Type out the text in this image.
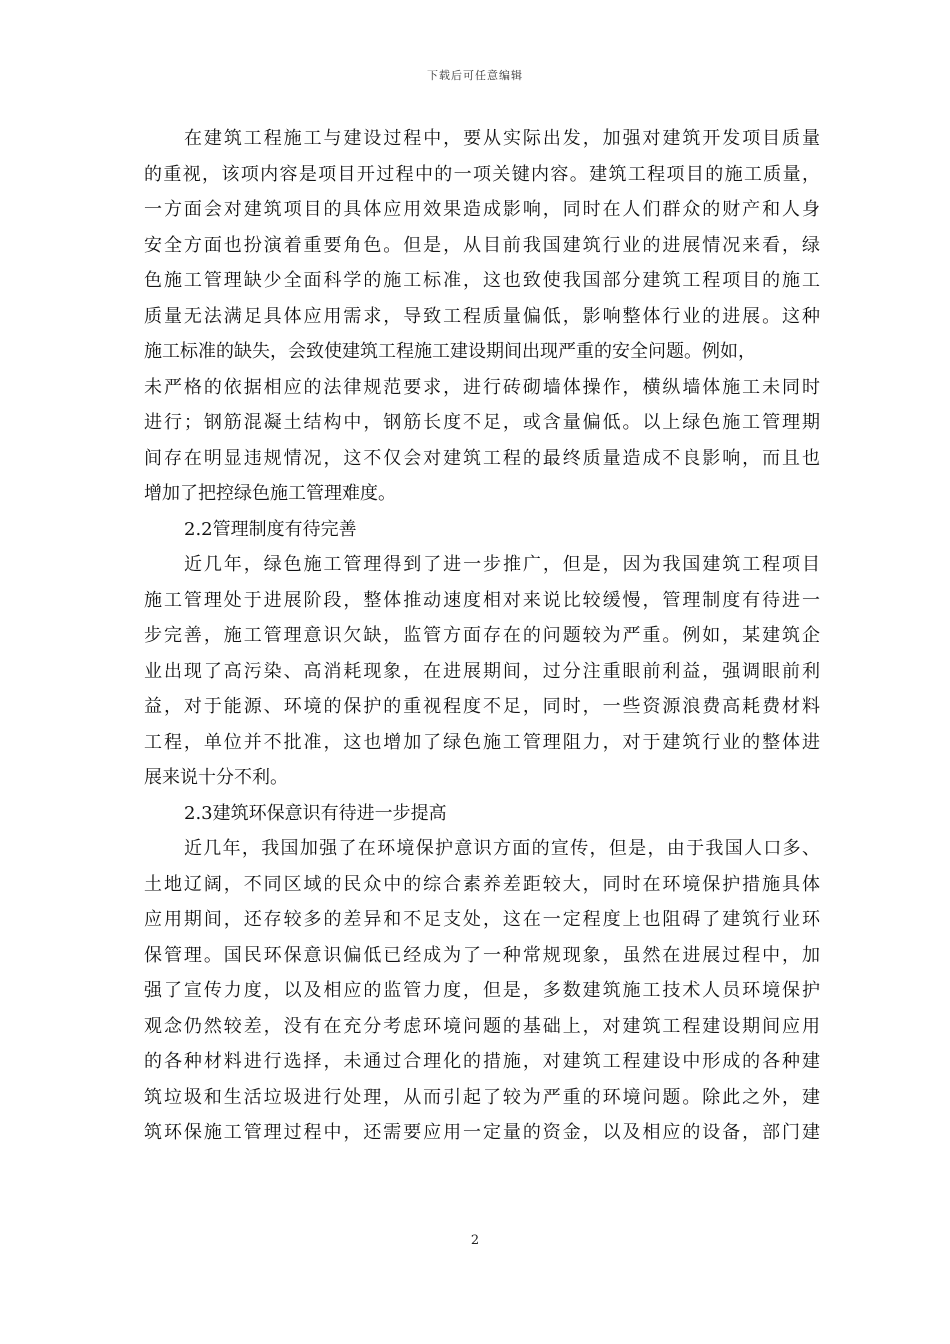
下载后可任意编辑
在建筑工程施工与建设过程中，要从实际出发，加强对建筑开发项目质量
的重视，该项内容是项目开过程中的一项关键内容。建筑工程项目的施工质量，
一方面会对建筑项目的具体应用效果造成影响，同时在人们群众的财产和人身
安全方面也扮演着重要角色。但是，从目前我国建筑行业的进展情况来看，绿
色施工管理缺少全面科学的施工标准，这也致使我国部分建筑工程项目的施工
质量无法满足具体应用需求，导致工程质量偏低，影响整体行业的进展。这种
施工标准的缺失，会致使建筑工程施工建设期间出现严重的安全问题。例如，
未严格的依据相应的法律规范要求，进行砖砌墙体操作，横纵墙体施工未同时
进行；钢筋混凝土结构中，钢筋长度不足，或含量偏低。以上绿色施工管理期
间存在明显违规情况，这不仅会对建筑工程的最终质量造成不良影响，而且也
增加了把控绿色施工管理难度。
2.2管理制度有待完善
近几年，绿色施工管理得到了进一步推广，但是，因为我国建筑工程项目
施工管理处于进展阶段，整体推动速度相对来说比较缓慢，管理制度有待进一
步完善，施工管理意识欠缺，监管方面存在的问题较为严重。例如，某建筑企
业出现了高污染、高消耗现象，在进展期间，过分注重眼前利益，强调眼前利
益，对于能源、环境的保护的重视程度不足，同时，一些资源浪费高耗费材料
工程，单位并不批准，这也增加了绿色施工管理阻力，对于建筑行业的整体进
展来说十分不利。
2.3建筑环保意识有待进一步提高
近几年，我国加强了在环境保护意识方面的宣传，但是，由于我国人口多、
土地辽阔，不同区域的民众中的综合素养差距较大，同时在环境保护措施具体
应用期间，还存较多的差异和不足支处，这在一定程度上也阻碍了建筑行业环
保管理。国民环保意识偏低已经成为了一种常规现象，虽然在进展过程中，加
强了宣传力度，以及相应的监管力度，但是，多数建筑施工技术人员环境保护
观念仍然较差，没有在充分考虑环境问题的基础上，对建筑工程建设期间应用
的各种材料进行选择，未通过合理化的措施，对建筑工程建设中形成的各种建
筑垃圾和生活垃圾进行处理，从而引起了较为严重的环境问题。除此之外，建
筑环保施工管理过程中，还需要应用一定量的资金，以及相应的设备，部门建
2
